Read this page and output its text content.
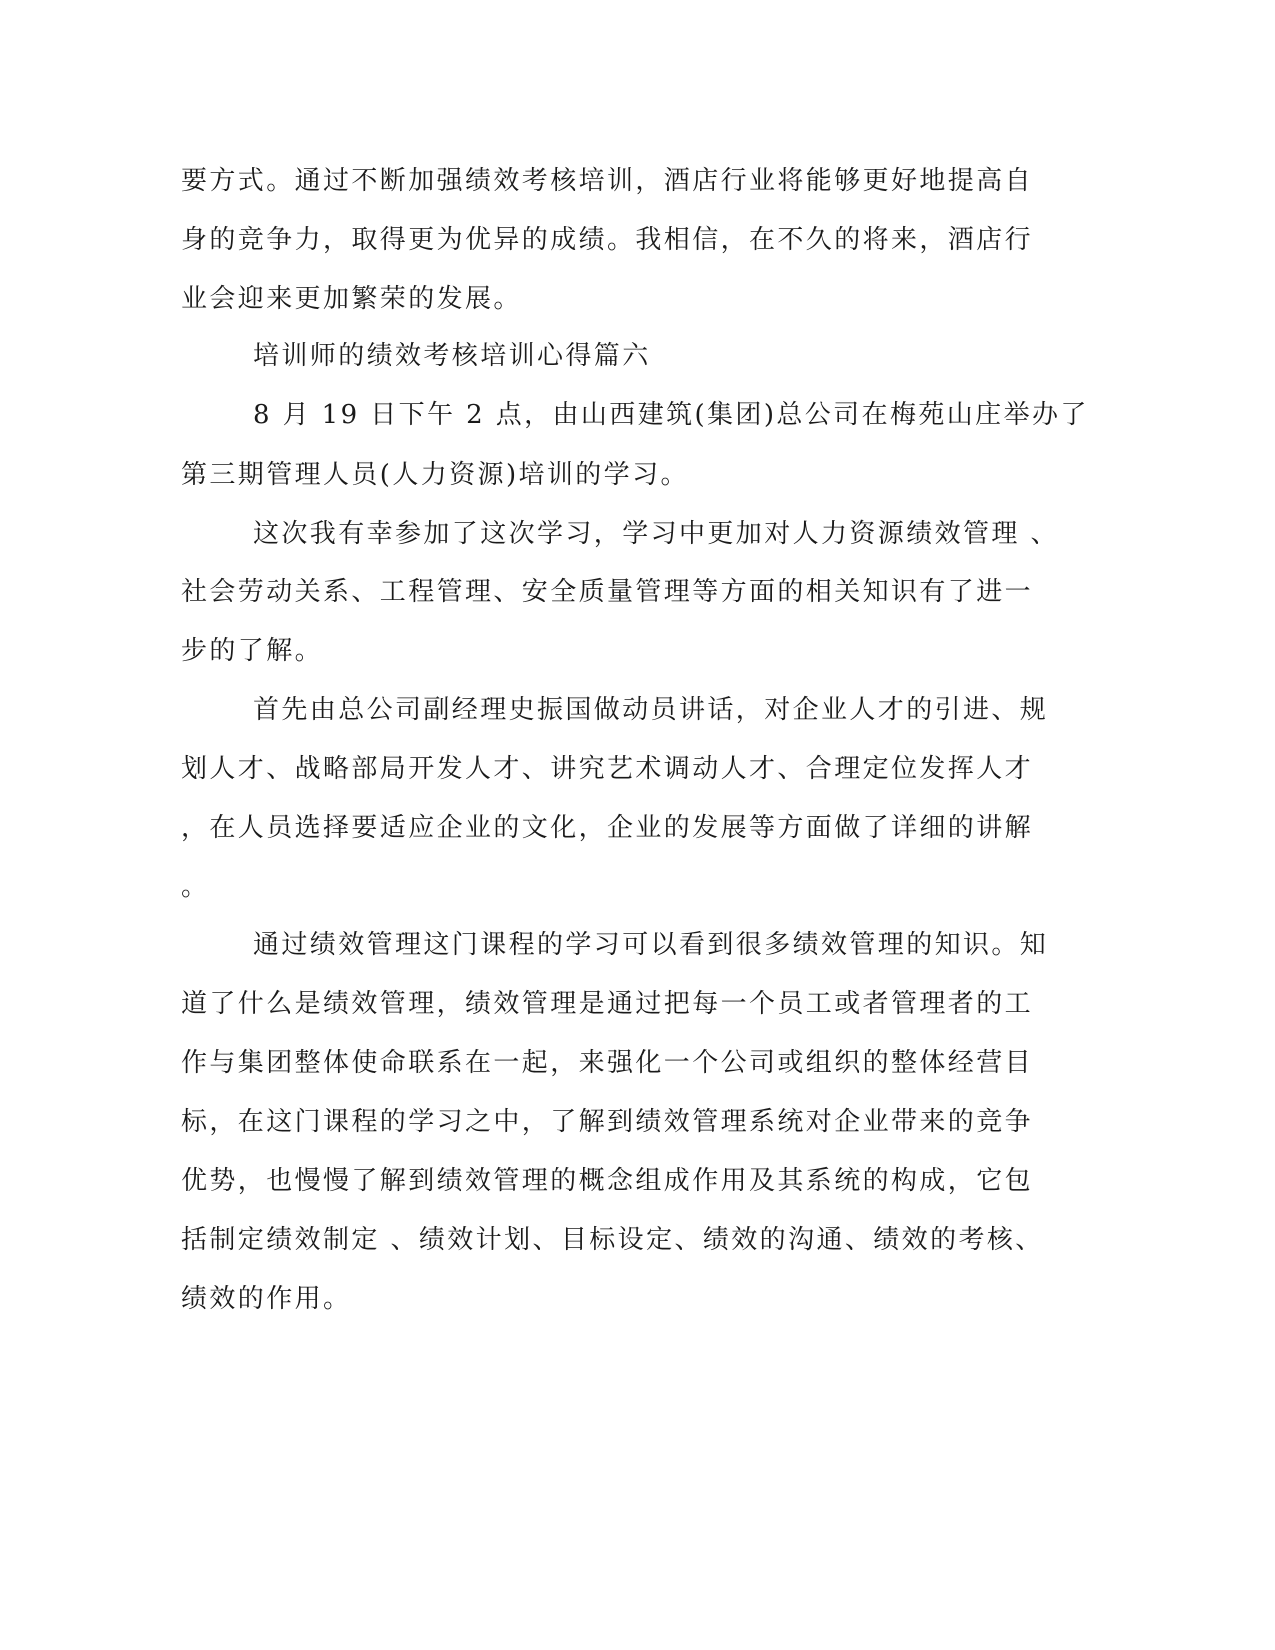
要方式。通过不断加强绩效考核培训，酒店行业将能够更好地提高自

身的竞争力，取得更为优异的成绩。我相信，在不久的将来，酒店行

业会迎来更加繁荣的发展。

培训师的绩效考核培训心得篇六

8 月 19 日下午 2 点，由山西建筑(集团)总公司在梅苑山庄举办了

第三期管理人员(人力资源)培训的学习。

这次我有幸参加了这次学习，学习中更加对人力资源绩效管理 、

社会劳动关系、工程管理、安全质量管理等方面的相关知识有了进一

步的了解。

首先由总公司副经理史振国做动员讲话，对企业人才的引进、规

划人才、战略部局开发人才、讲究艺术调动人才、合理定位发挥人才

，在人员选择要适应企业的文化，企业的发展等方面做了详细的讲解

。

通过绩效管理这门课程的学习可以看到很多绩效管理的知识。知

道了什么是绩效管理，绩效管理是通过把每一个员工或者管理者的工

作与集团整体使命联系在一起，来强化一个公司或组织的整体经营目

标，在这门课程的学习之中，了解到绩效管理系统对企业带来的竞争

优势，也慢慢了解到绩效管理的概念组成作用及其系统的构成，它包

括制定绩效制定 、绩效计划、目标设定、绩效的沟通、绩效的考核、

绩效的作用。
